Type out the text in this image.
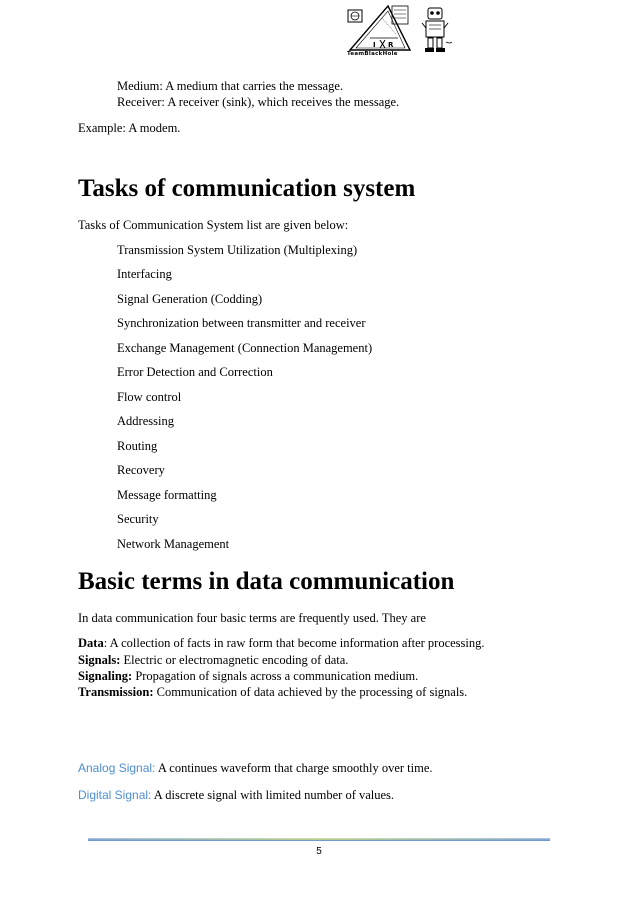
I R
TeamBlackHole
Medium: A medium that carries the message.
Receiver: A receiver (sink), which receives the message.
Example: A modem.
Tasks of communication system
Tasks of Communication System list are given below:
Transmission System Utilization (Multiplexing)
Interfacing
Signal Generation (Codding)
Synchronization between transmitter and receiver
Exchange Management (Connection Management)
Error Detection and Correction
Flow control
Addressing
Routing
Recovery
Message formatting
Security
Network Management
Basic terms in data communication
In data communication four basic terms are frequently used. They are
Data: A collection of facts in raw form that become information after processing.
Signals: Electric or electromagnetic encoding of data.
Signaling: Propagation of signals across a communication medium.
Transmission: Communication of data achieved by the processing of signals.
Analog Signal: A continues waveform that charge smoothly over time.
Digital Signal: A discrete signal with limited number of values.
5
